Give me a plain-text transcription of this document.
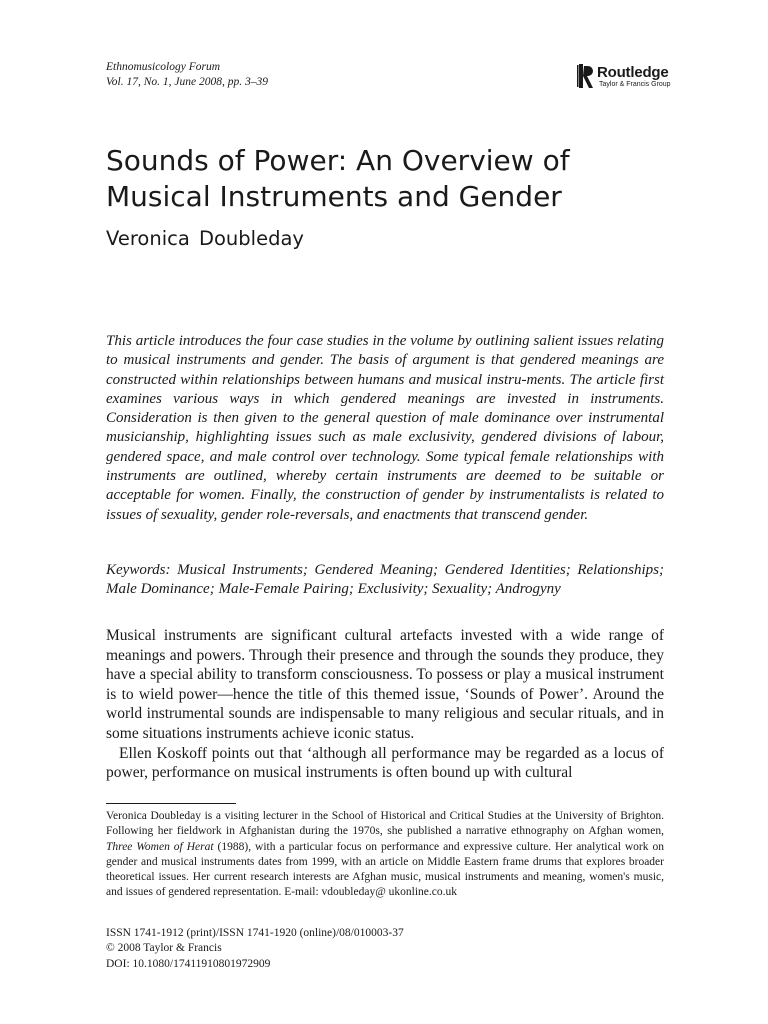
Ethnomusicology Forum
Vol. 17, No. 1, June 2008, pp. 3–39
Routledge
Taylor & Francis Group
Sounds of Power: An Overview of
Musical Instruments and Gender
Veronica Doubleday

This article introduces the four case studies in the volume by outlining salient issues relating to musical instruments and gender. The basis of argument is that gendered meanings are constructed within relationships between humans and musical instru-ments. The article first examines various ways in which gendered meanings are invested in instruments. Consideration is then given to the general question of male dominance over instrumental musicianship, highlighting issues such as male exclusivity, gendered divisions of labour, gendered space, and male control over technology. Some typical female relationships with instruments are outlined, whereby certain instruments are deemed to be suitable or acceptable for women. Finally, the construction of gender by instrumentalists is related to issues of sexuality, gender role-reversals, and enactments that transcend gender.

Keywords: Musical Instruments; Gendered Meaning; Gendered Identities; Relationships; Male Dominance; Male-Female Pairing; Exclusivity; Sexuality; Androgyny

Musical instruments are significant cultural artefacts invested with a wide range of meanings and powers. Through their presence and through the sounds they produce, they have a special ability to transform consciousness. To possess or play a musical instrument is to wield power—hence the title of this themed issue, ‘Sounds of Power’. Around the world instrumental sounds are indispensable to many religious and secular rituals, and in some situations instruments achieve iconic status.

Ellen Koskoff points out that ‘although all performance may be regarded as a locus of power, performance on musical instruments is often bound up with cultural

Veronica Doubleday is a visiting lecturer in the School of Historical and Critical Studies at the University of Brighton. Following her fieldwork in Afghanistan during the 1970s, she published a narrative ethnography on Afghan women, Three Women of Herat (1988), with a particular focus on performance and expressive culture. Her analytical work on gender and musical instruments dates from 1999, with an article on Middle Eastern frame drums that explores broader theoretical issues. Her current research interests are Afghan music, musical instruments and meaning, women's music, and issues of gendered representation. E-mail: vdoubleday@ ukonline.co.uk

ISSN 1741-1912 (print)/ISSN 1741-1920 (online)/08/010003-37
© 2008 Taylor & Francis
DOI: 10.1080/17411910801972909
